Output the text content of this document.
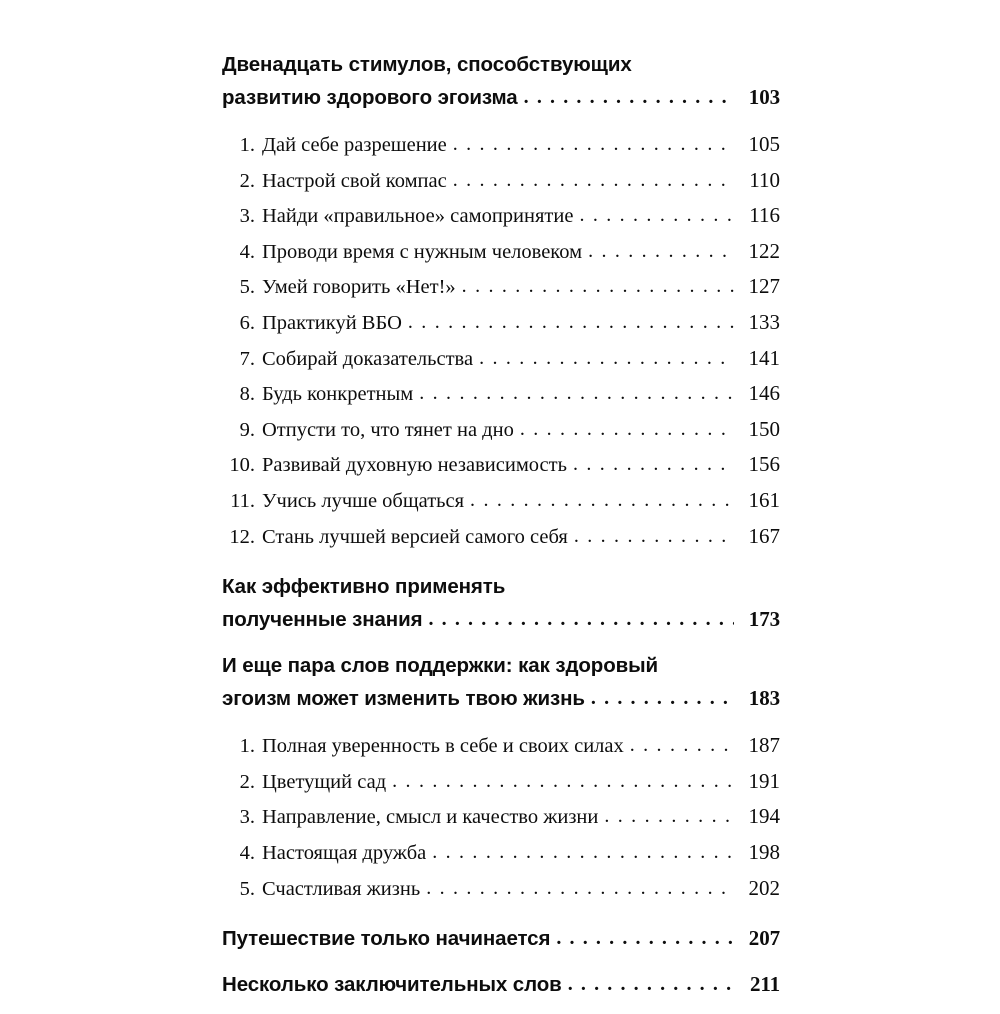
Двенадцать стимулов, способствующих
развитию здорового эгоизма . . .	103
1. Дай себе разрешение . . .	105
2. Настрой свой компас . . .	110
3. Найди «правильное» самопринятие . . .	116
4. Проводи время с нужным человеком . . .	122
5. Умей говорить «Нет!» . . .	127
6. Практикуй ВБО . . .	133
7. Собирай доказательства . . .	141
8. Будь конкретным . . .	146
9. Отпусти то, что тянет на дно . . .	150
10. Развивай духовную независимость . . .	156
11. Учись лучше общаться . . .	161
12. Стань лучшей версией самого себя . . .	167
Как эффективно применять
полученные знания . . .	173
И еще пара слов поддержки: как здоровый
эгоизм может изменить твою жизнь . . .	183
1. Полная уверенность в себе и своих силах . . .	187
2. Цветущий сад . . .	191
3. Направление, смысл и качество жизни . . .	194
4. Настоящая дружба . . .	198
5. Счастливая жизнь . . .	202
Путешествие только начинается . . .	207
Несколько заключительных слов . . .	211
